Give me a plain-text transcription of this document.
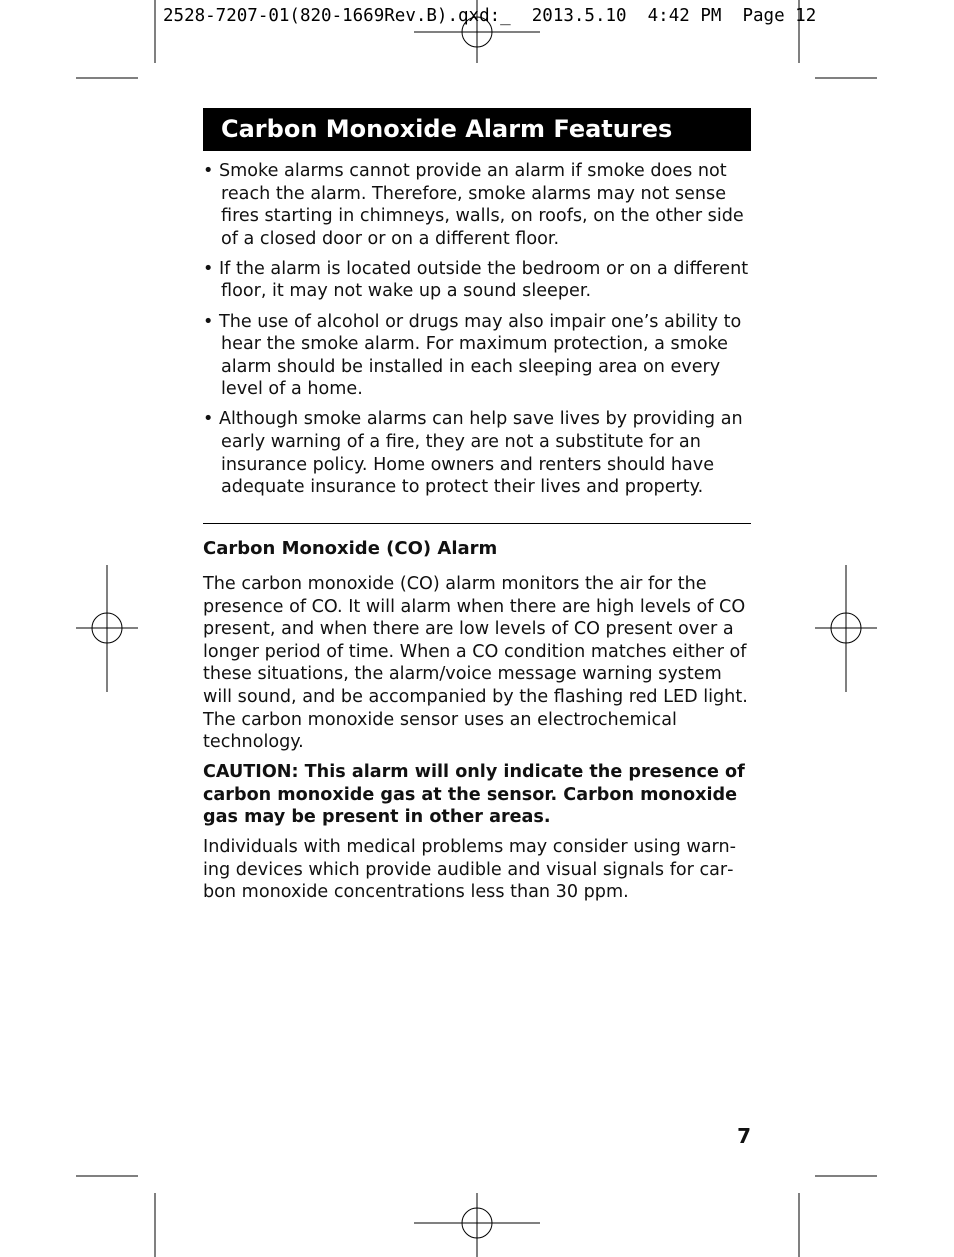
2528-7207-01(820-1669Rev.B).qxd:_  2013.5.10  4:42 PM  Page 12
Carbon Monoxide Alarm Features
• Smoke alarms cannot provide an alarm if smoke does not reach the alarm. Therefore, smoke alarms may not sense fires starting in chimneys, walls, on roofs, on the other side of a closed door or on a different floor.
• If the alarm is located outside the bedroom or on a different floor, it may not wake up a sound sleeper.
• The use of alcohol or drugs may also impair one’s ability to hear the smoke alarm. For maximum protection, a smoke alarm should be installed in each sleeping area on every level of a home.
• Although smoke alarms can help save lives by providing an early warning of a fire, they are not a substitute for an insurance policy. Home owners and renters should have adequate insurance to protect their lives and property.
Carbon Monoxide (CO) Alarm

The carbon monoxide (CO) alarm monitors the air for the presence of CO. It will alarm when there are high levels of CO present, and when there are low levels of CO present over a longer period of time. When a CO condition matches either of these situations, the alarm/voice message warning system will sound, and be accompanied by the flashing red LED light. The carbon monoxide sensor uses an electrochemical technology.

CAUTION: This alarm will only indicate the presence of carbon monoxide gas at the sensor. Carbon monoxide gas may be present in other areas.

Individuals with medical problems may consider using warning devices which provide audible and visual signals for carbon monoxide concentrations less than 30 ppm.

7
